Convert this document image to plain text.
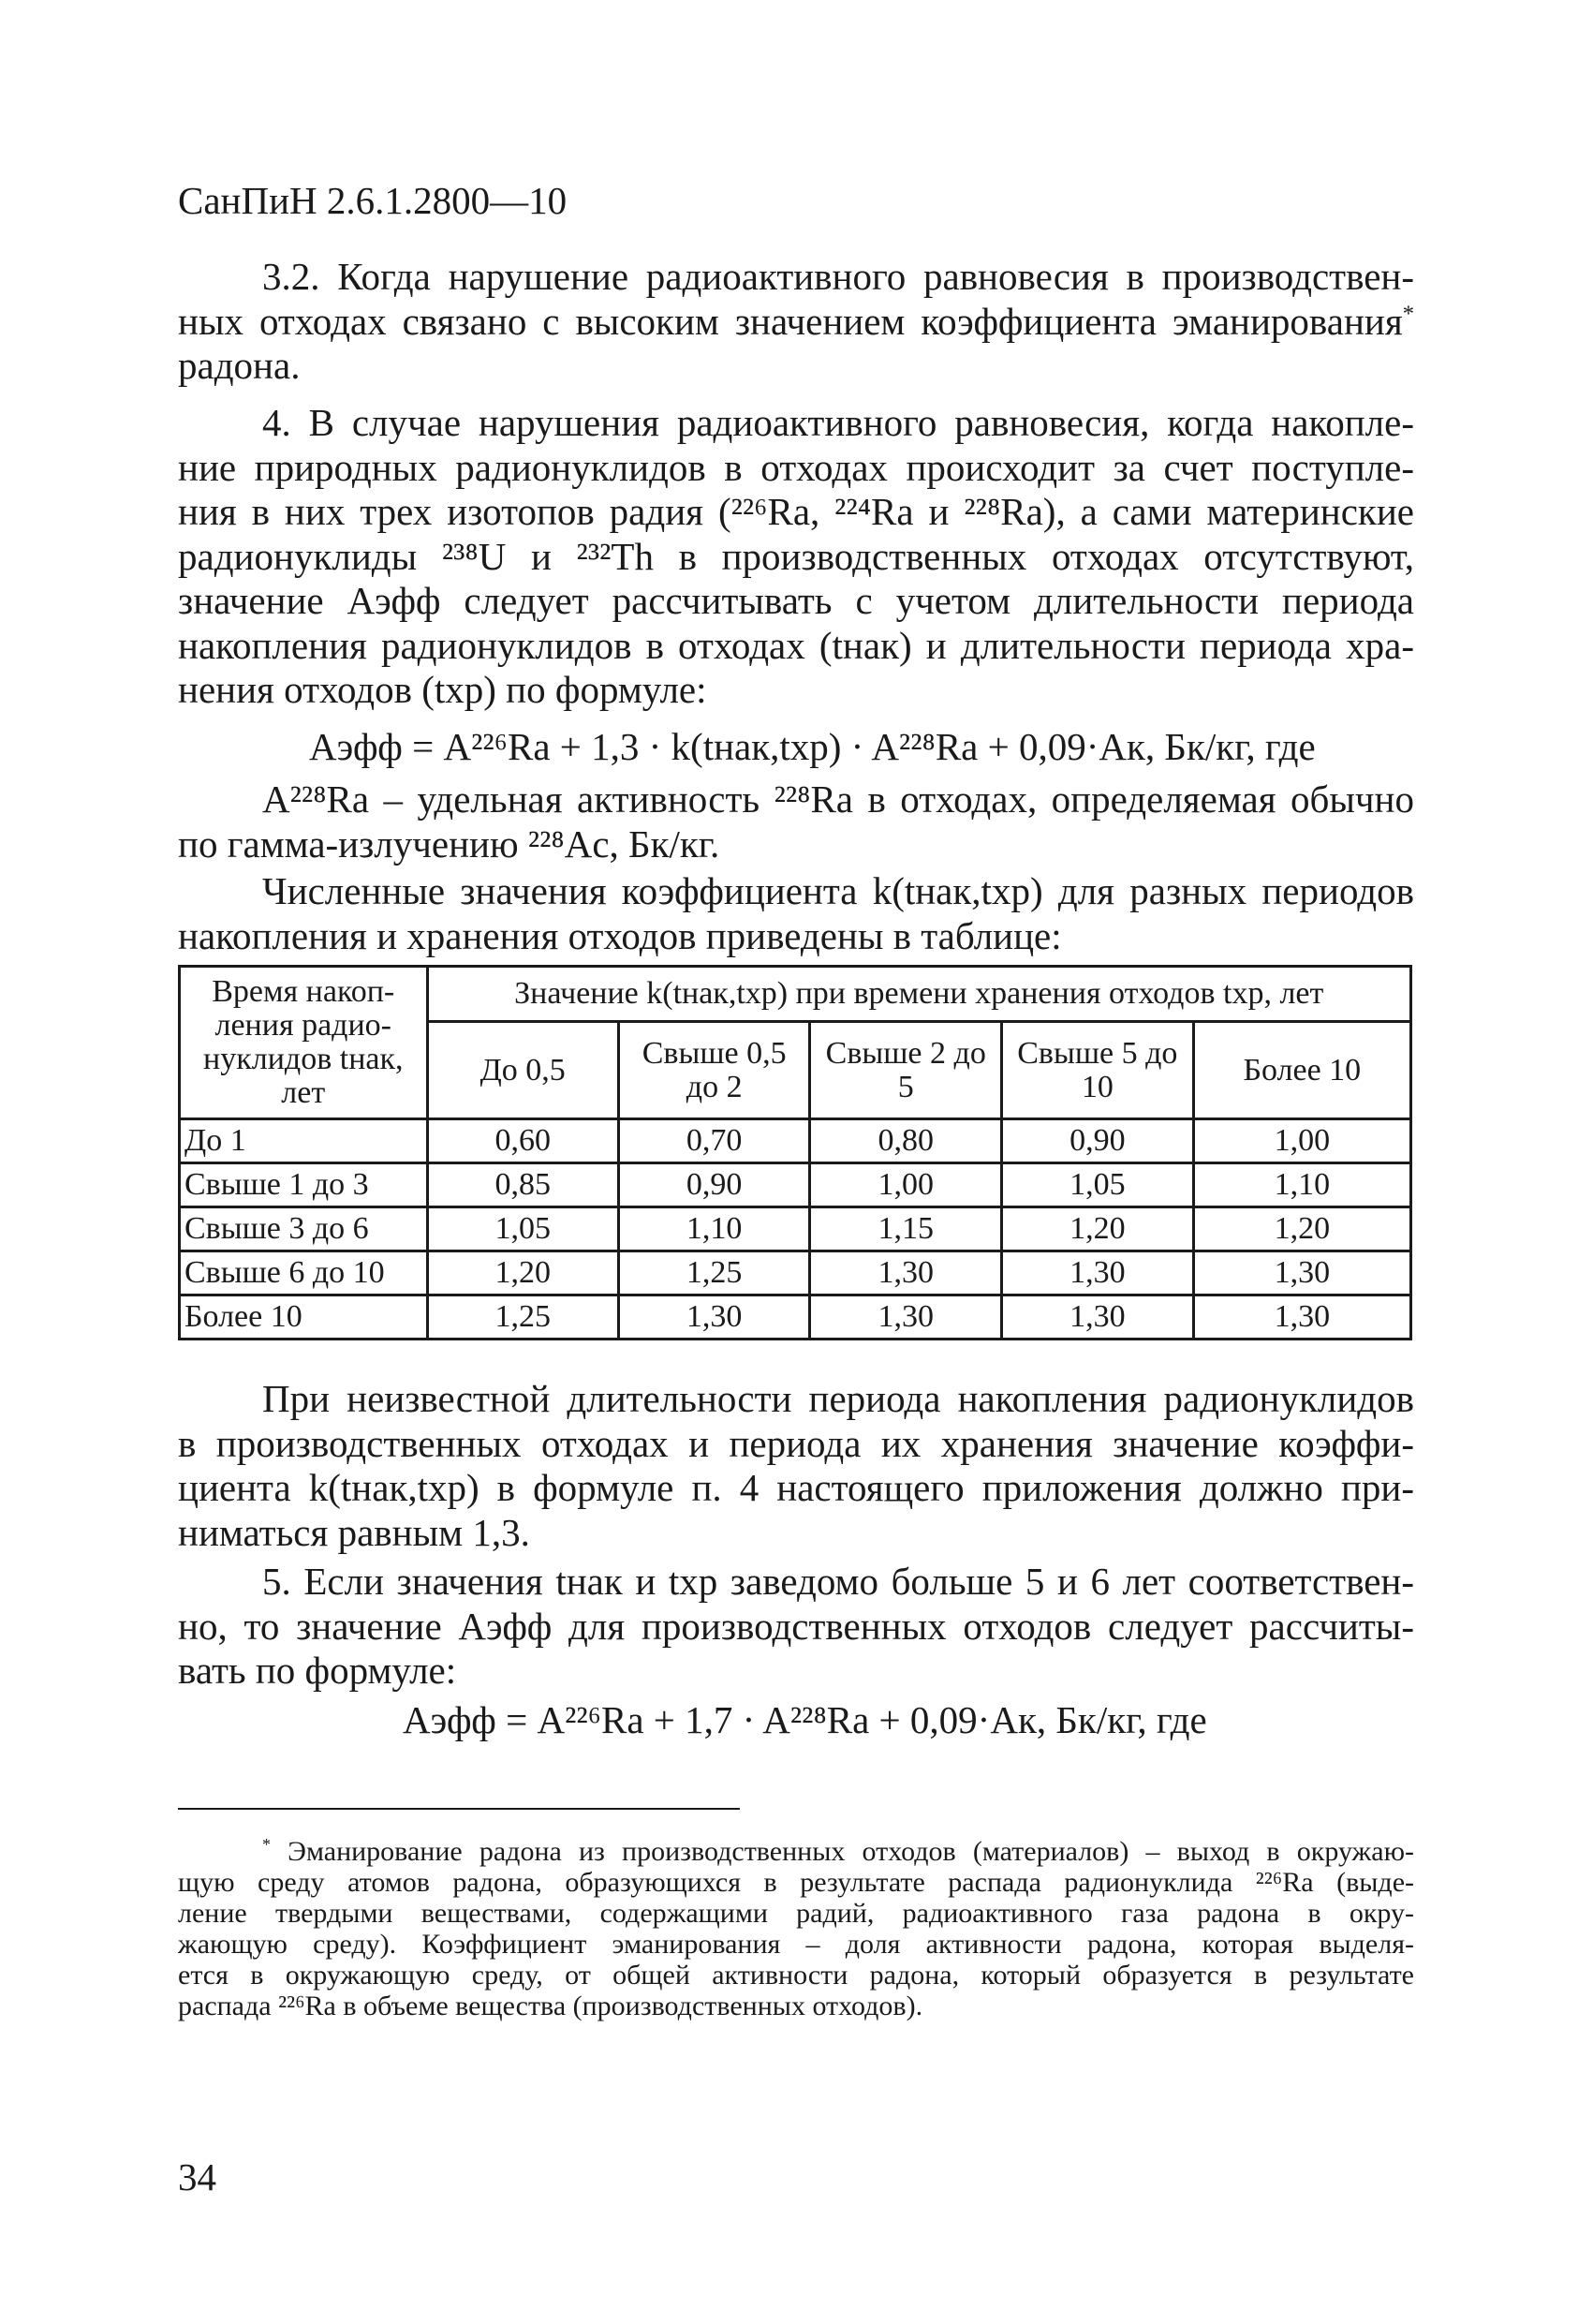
СанПиН 2.6.1.2800—10
3.2. Когда нарушение радиоактивного равновесия в производствен-
ных отходах связано с высоким значением коэффициента эманирования*
радона.
4. В случае нарушения радиоактивного равновесия, когда накопле-
ние природных радионуклидов в отходах происходит за счет поступле-
ния в них трех изотопов радия (²²⁶Ra, ²²⁴Ra и ²²⁸Ra), а сами материнские
радионуклиды ²³⁸U и ²³²Th в производственных отходах отсутствуют,
значение Аэфф следует рассчитывать с учетом длительности периода
накопления радионуклидов в отходах (tнак) и длительности периода хра-
нения отходов (tхр) по формуле:
Aэфф = A²²⁶Ra + 1,3 · k(tнак,tхр) · A²²⁸Ra + 0,09·Aк, Бк/кг, где
A²²⁸Ra – удельная активность ²²⁸Ra в отходах, определяемая обычно
по гамма-излучению ²²⁸Ac, Бк/кг.
Численные значения коэффициента k(tнак,tхр) для разных периодов
накопления и хранения отходов приведены в таблице:
Время накоп-ления радио-нуклидов tнак, лет	Значение k(tнак,tхр) при времени хранения отходов tхр, лет				
	До 0,5	Свыше 0,5 до 2	Свыше 2 до 5	Свыше 5 до 10	Более 10
До 1	0,60	0,70	0,80	0,90	1,00
Свыше 1 до 3	0,85	0,90	1,00	1,05	1,10
Свыше 3 до 6	1,05	1,10	1,15	1,20	1,20
Свыше 6 до 10	1,20	1,25	1,30	1,30	1,30
Более 10	1,25	1,30	1,30	1,30	1,30
При неизвестной длительности периода накопления радионуклидов
в производственных отходах и периода их хранения значение коэффи-
циента k(tнак,tхр) в формуле п. 4 настоящего приложения должно при-
ниматься равным 1,3.
5. Если значения tнак и tхр заведомо больше 5 и 6 лет соответствен-
но, то значение Аэфф для производственных отходов следует рассчиты-
вать по формуле:
Aэфф = A²²⁶Ra + 1,7 · A²²⁸Ra + 0,09·Aк, Бк/кг, где
* Эманирование радона из производственных отходов (материалов) – выход в окружаю-
щую среду атомов радона, образующихся в результате распада радионуклида ²²⁶Ra (выде-
ление твердыми веществами, содержащими радий, радиоактивного газа радона в окру-
жающую среду). Коэффициент эманирования – доля активности радона, которая выделя-
ется в окружающую среду, от общей активности радона, который образуется в результате
распада ²²⁶Ra в объеме вещества (производственных отходов).
34
